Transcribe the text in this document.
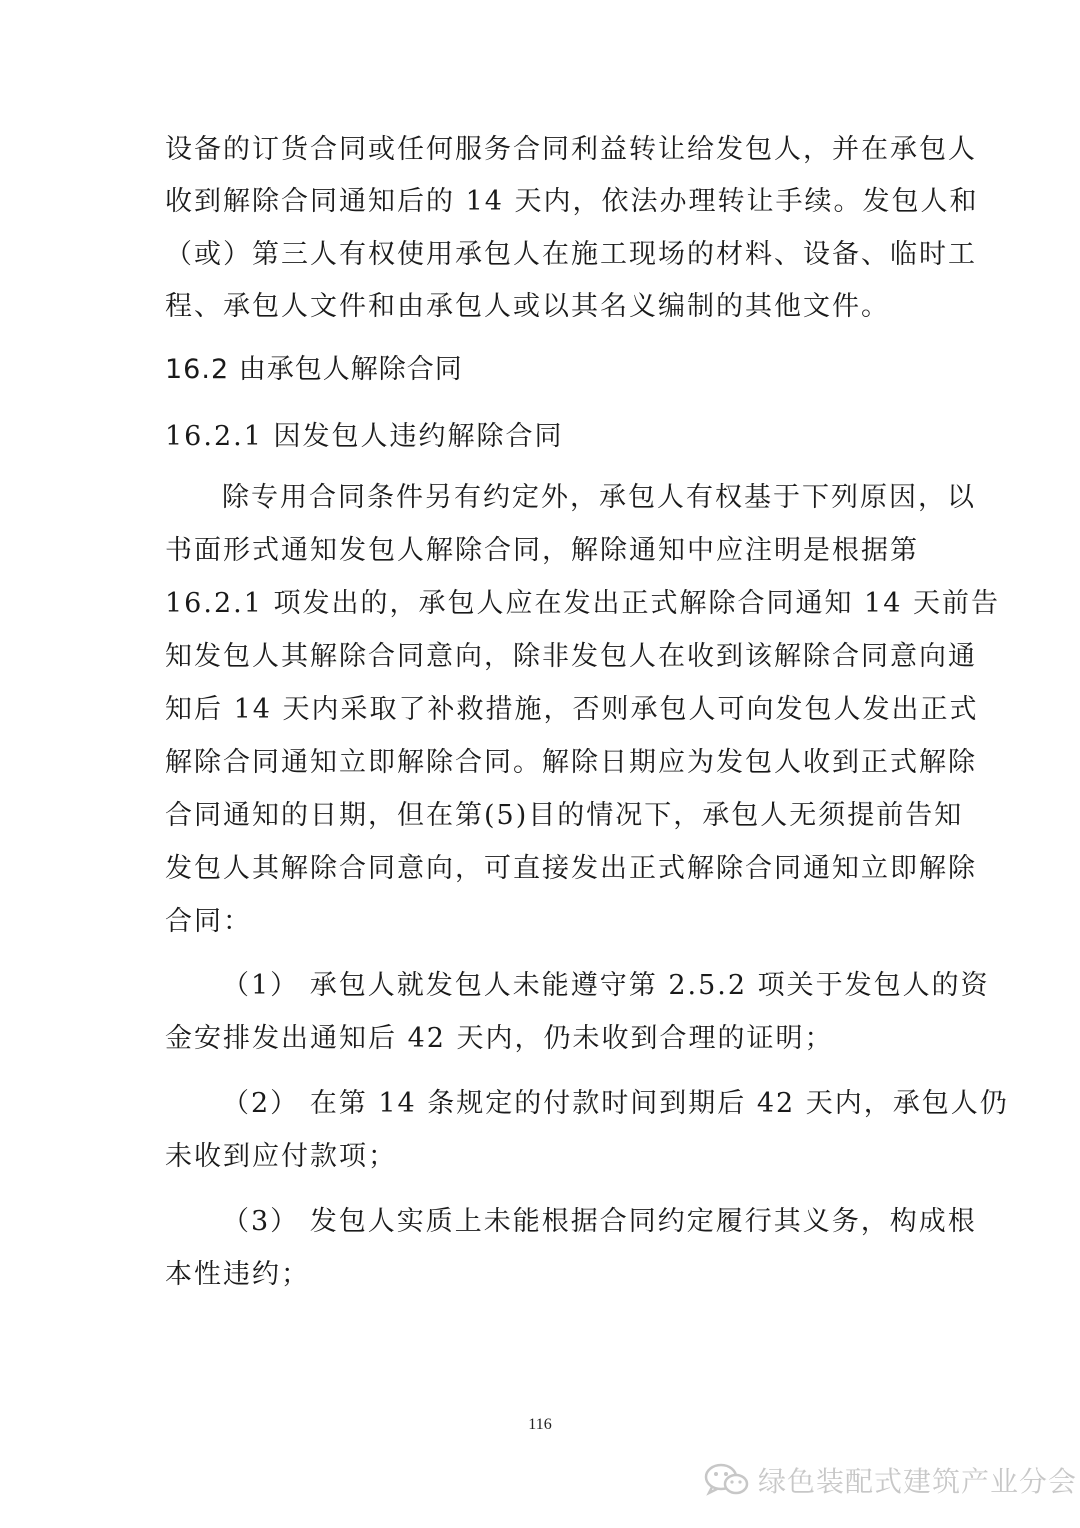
设备的订货合同或任何服务合同利益转让给发包人，并在承包人
收到解除合同通知后的 14 天内，依法办理转让手续。发包人和
（或）第三人有权使用承包人在施工现场的材料、设备、临时工
程、承包人文件和由承包人或以其名义编制的其他文件。
16.2 由承包人解除合同
16.2.1 因发包人违约解除合同
除专用合同条件另有约定外，承包人有权基于下列原因，以
书面形式通知发包人解除合同，解除通知中应注明是根据第
16.2.1 项发出的，承包人应在发出正式解除合同通知 14 天前告
知发包人其解除合同意向，除非发包人在收到该解除合同意向通
知后 14 天内采取了补救措施，否则承包人可向发包人发出正式
解除合同通知立即解除合同。解除日期应为发包人收到正式解除
合同通知的日期，但在第(5)目的情况下，承包人无须提前告知
发包人其解除合同意向，可直接发出正式解除合同通知立即解除
合同：
（1） 承包人就发包人未能遵守第 2.5.2 项关于发包人的资
金安排发出通知后 42 天内，仍未收到合理的证明；
（2） 在第 14 条规定的付款时间到期后 42 天内，承包人仍
未收到应付款项；
（3） 发包人实质上未能根据合同约定履行其义务，构成根
本性违约；
116
绿色装配式建筑产业分会
